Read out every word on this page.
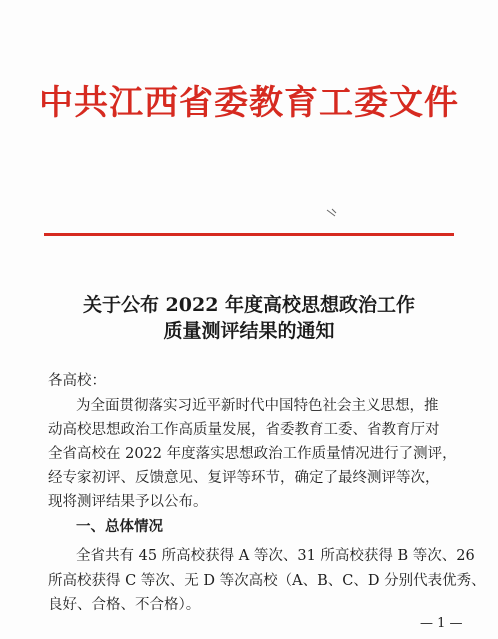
中共江西省委教育工委文件
关于公布 2022 年度高校思想政治工作
质量测评结果的通知
各高校：
为全面贯彻落实习近平新时代中国特色社会主义思想，推
动高校思想政治工作高质量发展，省委教育工委、省教育厅对
全省高校在 2022 年度落实思想政治工作质量情况进行了测评，
经专家初评、反馈意见、复评等环节，确定了最终测评等次，
现将测评结果予以公布。
一、总体情况
全省共有 45 所高校获得 A 等次、31 所高校获得 B 等次、26
所高校获得 C 等次、无 D 等次高校（A、B、C、D 分别代表优秀、
良好、合格、不合格）。
— 1 —
